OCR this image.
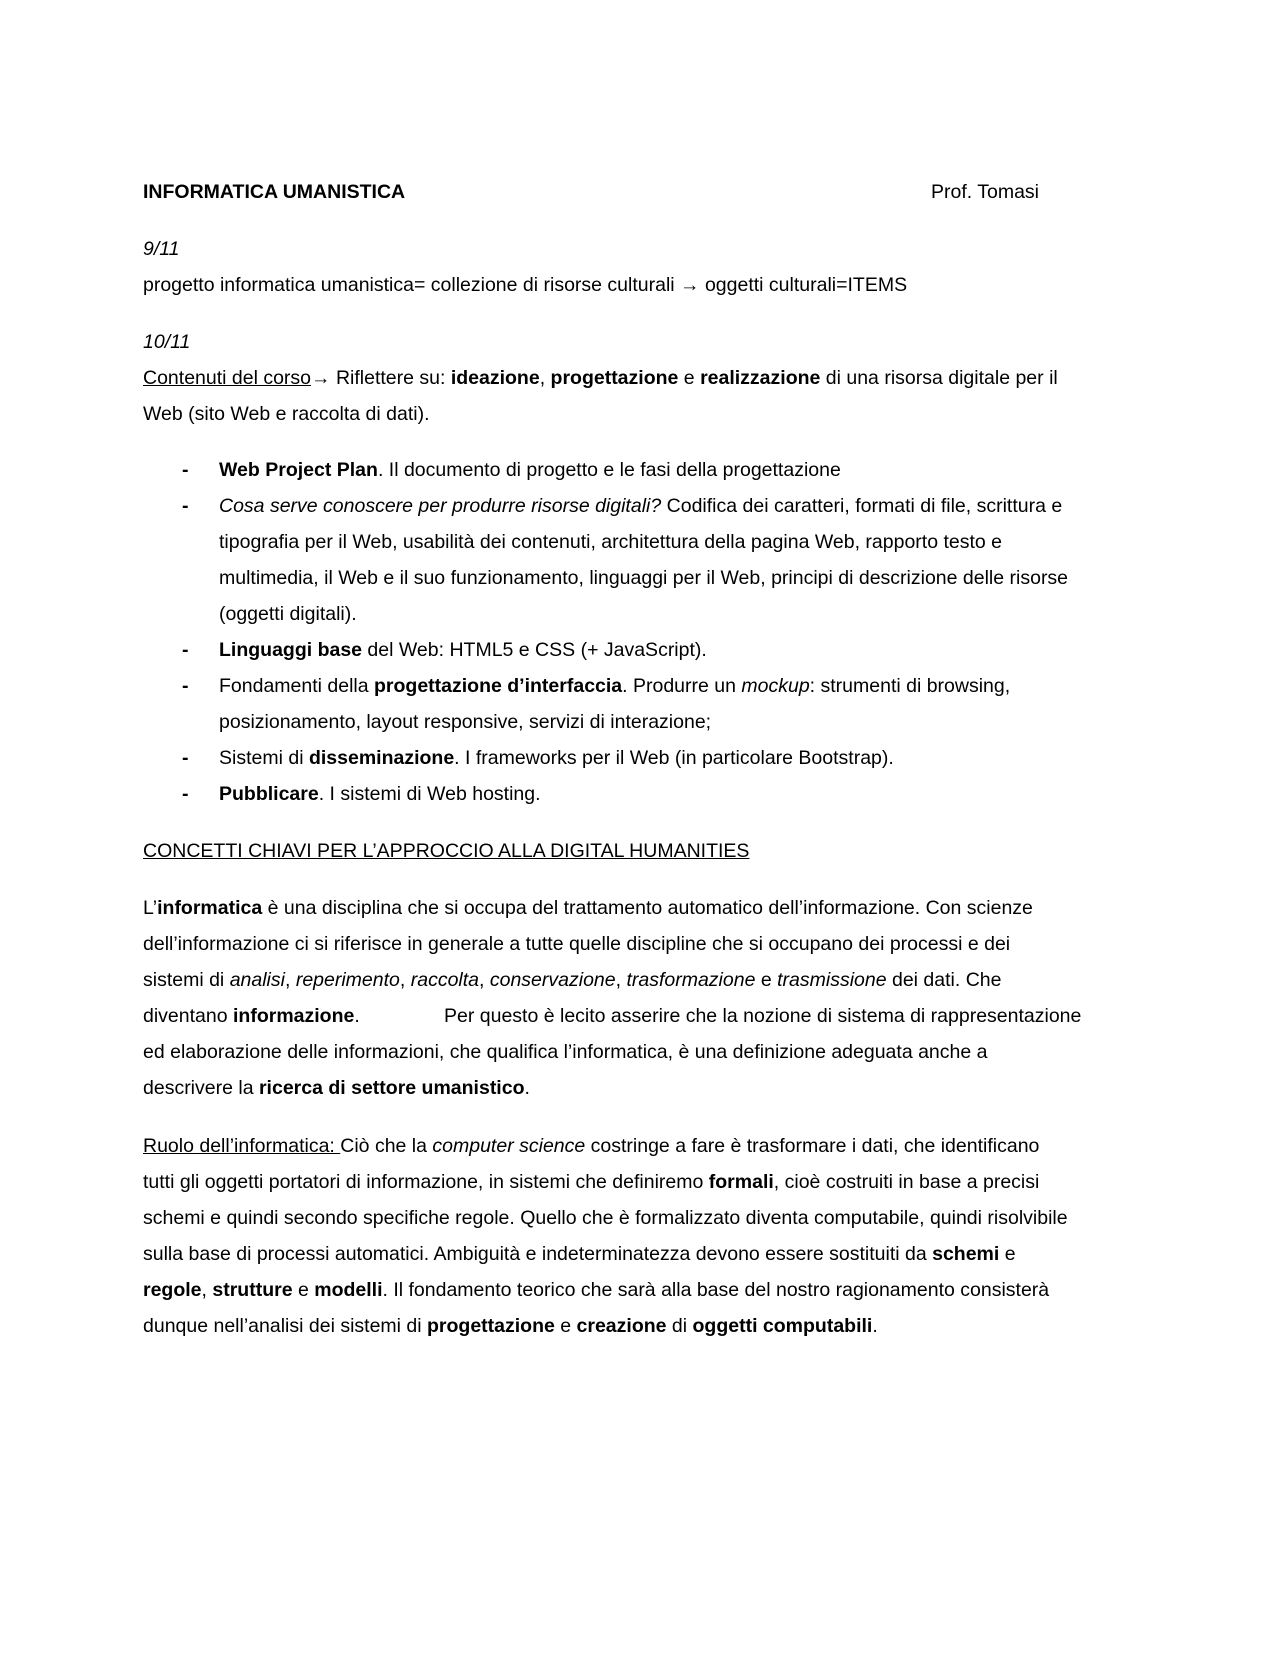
INFORMATICA UMANISTICA	Prof. Tomasi
9/11
progetto informatica umanistica= collezione di risorse culturali → oggetti culturali=ITEMS
10/11
Contenuti del corso→ Riflettere su: ideazione, progettazione e realizzazione di una risorsa digitale per il
Web (sito Web e raccolta di dati).
- Web Project Plan. Il documento di progetto e le fasi della progettazione
- Cosa serve conoscere per produrre risorse digitali? Codifica dei caratteri, formati di file, scrittura e
tipografia per il Web, usabilità dei contenuti, architettura della pagina Web, rapporto testo e
multimedia, il Web e il suo funzionamento, linguaggi per il Web, principi di descrizione delle risorse
(oggetti digitali).
- Linguaggi base del Web: HTML5 e CSS (+ JavaScript).
- Fondamenti della progettazione d’interfaccia. Produrre un mockup: strumenti di browsing,
posizionamento, layout responsive, servizi di interazione;
- Sistemi di disseminazione. I frameworks per il Web (in particolare Bootstrap).
- Pubblicare. I sistemi di Web hosting.
CONCETTI CHIAVI PER L’APPROCCIO ALLA DIGITAL HUMANITIES
L’informatica è una disciplina che si occupa del trattamento automatico dell’informazione. Con scienze
dell’informazione ci si riferisce in generale a tutte quelle discipline che si occupano dei processi e dei
sistemi di analisi, reperimento, raccolta, conservazione, trasformazione e trasmissione dei dati. Che
diventano informazione.	Per questo è lecito asserire che la nozione di sistema di rappresentazione
ed elaborazione delle informazioni, che qualifica l’informatica, è una definizione adeguata anche a
descrivere la ricerca di settore umanistico.
Ruolo dell’informatica: Ciò che la computer science costringe a fare è trasformare i dati, che identificano
tutti gli oggetti portatori di informazione, in sistemi che definiremo formali, cioè costruiti in base a precisi
schemi e quindi secondo specifiche regole. Quello che è formalizzato diventa computabile, quindi risolvibile
sulla base di processi automatici. Ambiguità e indeterminatezza devono essere sostituiti da schemi e
regole, strutture e modelli. Il fondamento teorico che sarà alla base del nostro ragionamento consisterà
dunque nell’analisi dei sistemi di progettazione e creazione di oggetti computabili.
